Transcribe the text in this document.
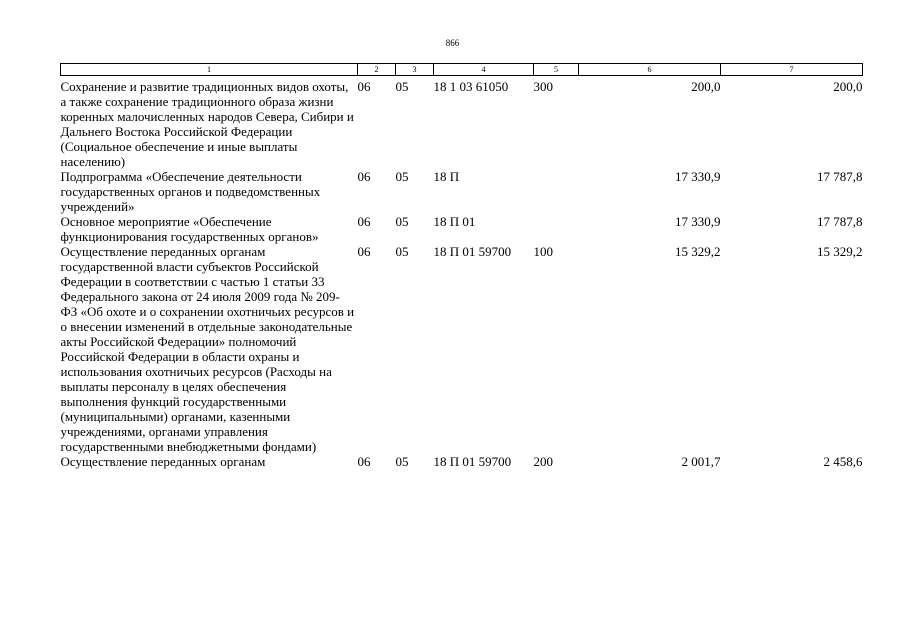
866
1	2	3	4	5	6	7
Сохранение и развитие традиционных видов охоты, а также сохранение традиционного образа жизни коренных малочисленных народов Севера, Сибири и Дальнего Востока Российской Федерации (Социальное обеспечение и иные выплаты населению)	06	05	18 1 03 61050	300	200,0	200,0
Подпрограмма «Обеспечение деятельности государственных органов и подведомственных учреждений»	06	05	18 П		17 330,9	17 787,8
Основное мероприятие «Обеспечение функционирования государственных органов»	06	05	18 П 01		17 330,9	17 787,8
Осуществление переданных органам государственной власти субъектов Российской Федерации в соответствии с частью 1 статьи 33 Федерального закона от 24 июля 2009 года № 209-ФЗ «Об охоте и о сохранении охотничьих ресурсов и о внесении изменений в отдельные законодательные акты Российской Федерации» полномочий Российской Федерации в области охраны и использования охотничьих ресурсов (Расходы на выплаты персоналу в целях обеспечения выполнения функций государственными (муниципальными) органами, казенными учреждениями, органами управления государственными внебюджетными фондами)	06	05	18 П 01 59700	100	15 329,2	15 329,2
Осуществление переданных органам	06	05	18 П 01 59700	200	2 001,7	2 458,6
